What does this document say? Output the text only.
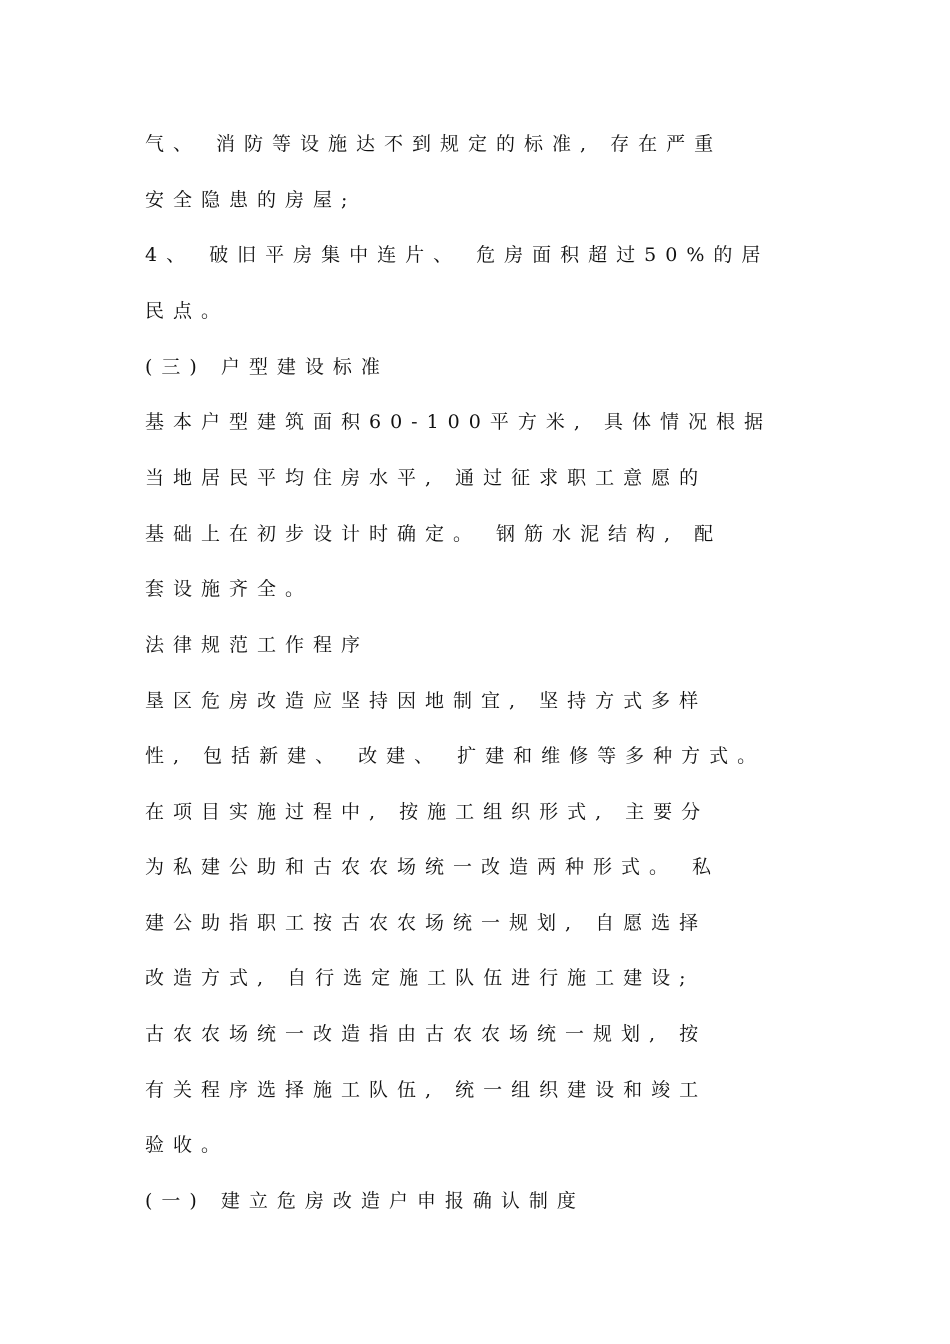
气、 消防等设施达不到规定的标准, 存在严重

安全隐患的房屋;

4、 破旧平房集中连片、 危房面积超过50%的居

民点。

(三) 户型建设标准

基本户型建筑面积60-100平方米, 具体情况根据

当地居民平均住房水平, 通过征求职工意愿的

基础上在初步设计时确定。 钢筋水泥结构, 配

套设施齐全。

法律规范工作程序

垦区危房改造应坚持因地制宜, 坚持方式多样

性, 包括新建、 改建、 扩建和维修等多种方式。

在项目实施过程中, 按施工组织形式, 主要分

为私建公助和古农农场统一改造两种形式。 私

建公助指职工按古农农场统一规划, 自愿选择

改造方式, 自行选定施工队伍进行施工建设;

古农农场统一改造指由古农农场统一规划, 按

有关程序选择施工队伍, 统一组织建设和竣工

验收。

(一) 建立危房改造户申报确认制度
